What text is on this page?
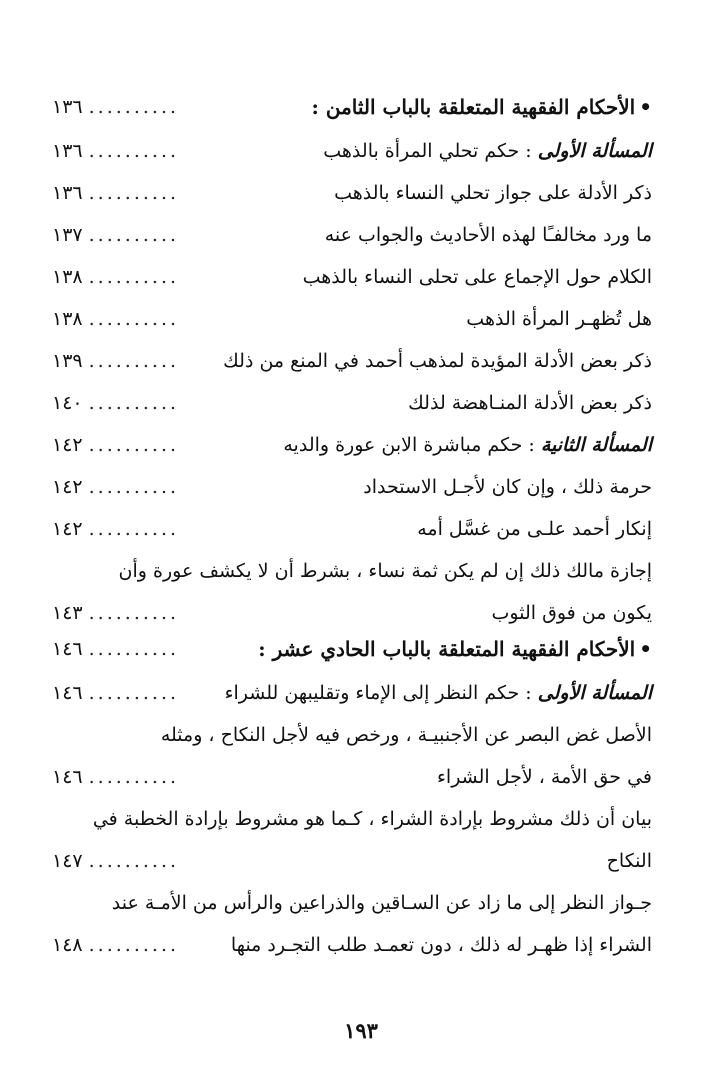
•الأحكام الفقهية المتعلقة بالباب الثامن :
..........
١٣٦
المسألة الأولى : حكم تحلي المرأة بالذهب
..........
١٣٦
ذكر الأدلة على جواز تحلي النساء بالذهب
..........
١٣٦
ما ورد مخالفـًا لهذه الأحاديث والجواب عنه
..........
١٣٧
الكلام حول الإجماع على تحلى النساء بالذهب
..........
١٣٨
هل تُظهـر المرأة الذهب
..........
١٣٨
ذكر بعض الأدلة المؤيدة لمذهب أحمد في المنع من ذلك
..........
١٣٩
ذكر بعض الأدلة المنـاهضة لذلك
..........
١٤٠
المسألة الثانية : حكم مباشرة الابن عورة والديه
..........
١٤٢
حرمة ذلك ، وإن كان لأجـل الاستحداد
..........
١٤٢
إنكار أحمد علـى من غسَّل أمه
..........
١٤٢
إجازة مالك ذلك إن لم يكن ثمة نساء ، بشرط أن لا يكشف عورة وأن
يكون من فوق الثوب
..........
١٤٣
•الأحكام الفقهية المتعلقة بالباب الحادي عشر :
..........
١٤٦
المسألة الأولى : حكم النظر إلى الإماء وتقليبهن للشراء
..........
١٤٦
الأصل غض البصر عن الأجنبيـة ، ورخص فيه لأجل النكاح ، ومثله
في حق الأمة ، لأجل الشراء
..........
١٤٦
بيان أن ذلك مشروط بإرادة الشراء ، كـما هو مشروط بإرادة الخطبة في
النكاح
..........
١٤٧
جـواز النظر إلى ما زاد عن السـاقين والذراعين والرأس من الأمـة عند
الشراء إذا ظهـر له ذلك ، دون تعمـد طلب التجـرد منها
..........
١٤٨
١٩٣
